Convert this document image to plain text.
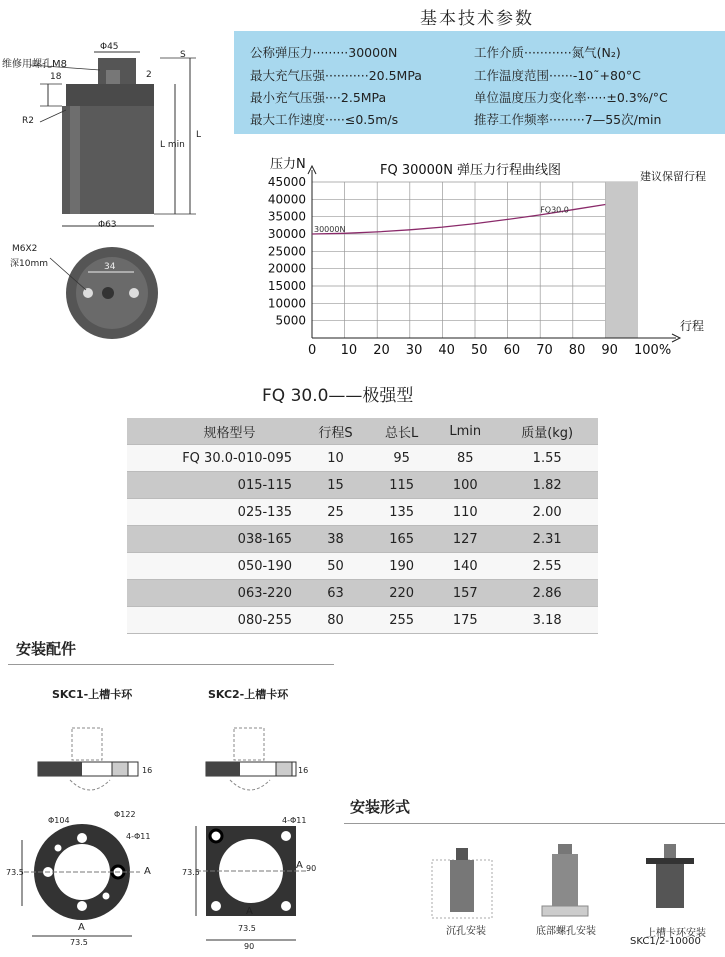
维修用螺孔M8
Φ45
S
18	2
R2
L min
L
Φ63
M6X2
深10mm	34
基本技术参数
公称弹压力·········30000N	工作介质············氮气(N₂)
最大充气压强···········20.5MPa	工作温度范围······-10˜+80°C
最小充气压强····2.5MPa	单位温度压力变化率·····±0.3%/°C
最大工作速度·····≤0.5m/s	推荐工作频率·········7—55次/min
45000
40000
35000
30000
25000
20000
15000
10000
5000
0 10 20 30 40 50 60 70 80 90 100%
30000N
FQ30.0
FQ 30000N 弹压力行程曲线图
压力N
行程
建议保留行程
FQ 30.0——极强型
规格型号	行程S	总长L	Lmin	质量(kg)
FQ 30.0-010-095	10	95	85	1.55
015-115	15	115	100	1.82
025-135	25	135	110	2.00
038-165	38	165	127	2.31
050-190	50	190	140	2.55
063-220	63	220	157	2.86
080-255	80	255	175	3.18
安装配件
SKC1-上槽卡环	SKC2-上槽卡环
16	16
Φ104
Φ122
4-Φ11
4-Φ11
73.5
73.5
73.5
73.5
90
90
A
A
A
A
安装形式
沉孔安装	底部螺孔安装	上槽卡环安装
SKC1/2-10000
